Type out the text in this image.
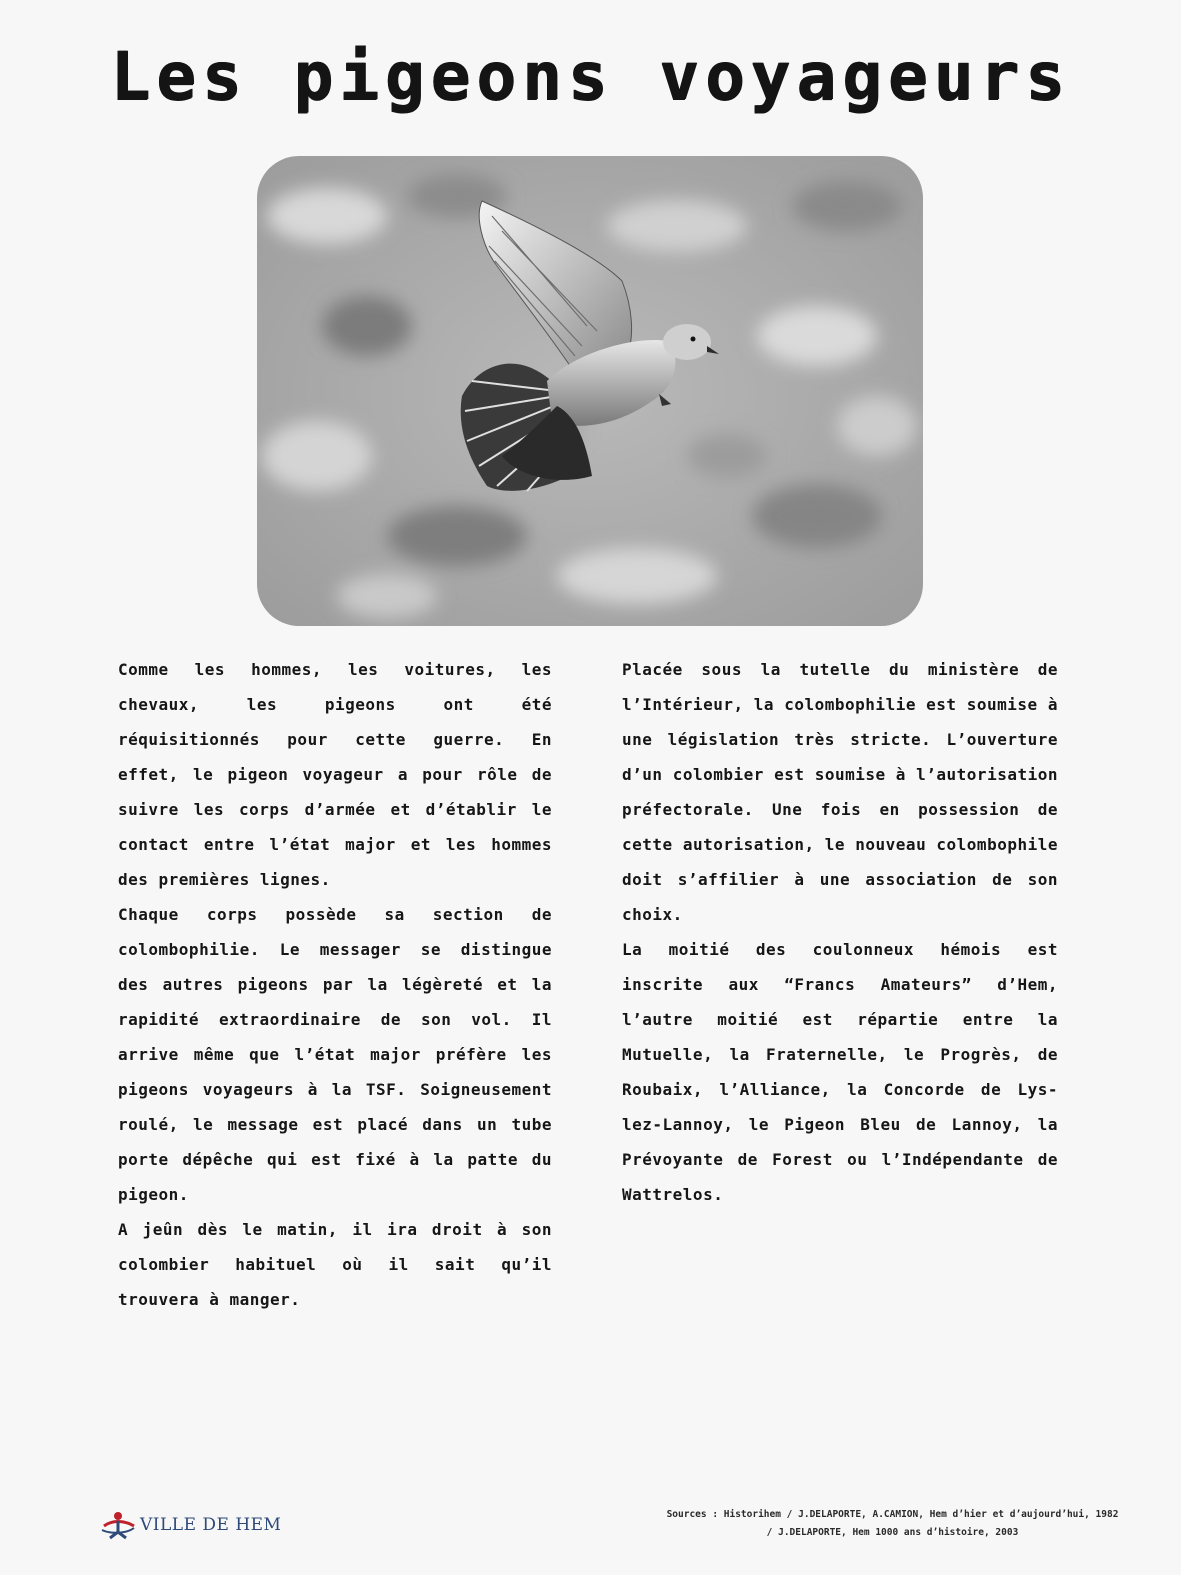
Les pigeons voyageurs

Comme les hommes, les voitures, les chevaux, les pigeons ont été réquisitionnés pour cette guerre. En effet, le pigeon voyageur a pour rôle de suivre les corps d’armée et d’établir le contact entre l’état major et les hommes des premières lignes.

Chaque corps possède sa section de colombophilie. Le messager se distingue des autres pigeons par la légèreté et la rapidité extraordinaire de son vol. Il arrive même que l’état major préfère les pigeons voyageurs à la TSF. Soigneusement roulé, le message est placé dans un tube porte dépêche qui est fixé à la patte du pigeon.

A jeûn dès le matin, il ira droit à son colombier habituel où il sait qu’il trouvera à manger.

Placée sous la tutelle du ministère de l’Intérieur, la colombophilie est soumise à une législation très stricte. L’ouverture d’un colombier est soumise à l’autorisation préfectorale. Une fois en possession de cette autorisation, le nouveau colombophile doit s’affilier à une association de son choix.

La moitié des coulonneux hémois est inscrite aux “Francs Amateurs” d’Hem, l’autre moitié est répartie entre la Mutuelle, la Fraternelle, le Progrès, de Roubaix, l’Alliance, la Concorde de Lys-lez-Lannoy, le Pigeon Bleu de Lannoy, la Prévoyante de Forest ou l’Indépendante de Wattrelos.

VILLE DE HEM
Sources : Historihem / J.DELAPORTE, A.CAMION, Hem d’hier et d’aujourd’hui, 1982
/ J.DELAPORTE, Hem 1000 ans d’histoire, 2003
